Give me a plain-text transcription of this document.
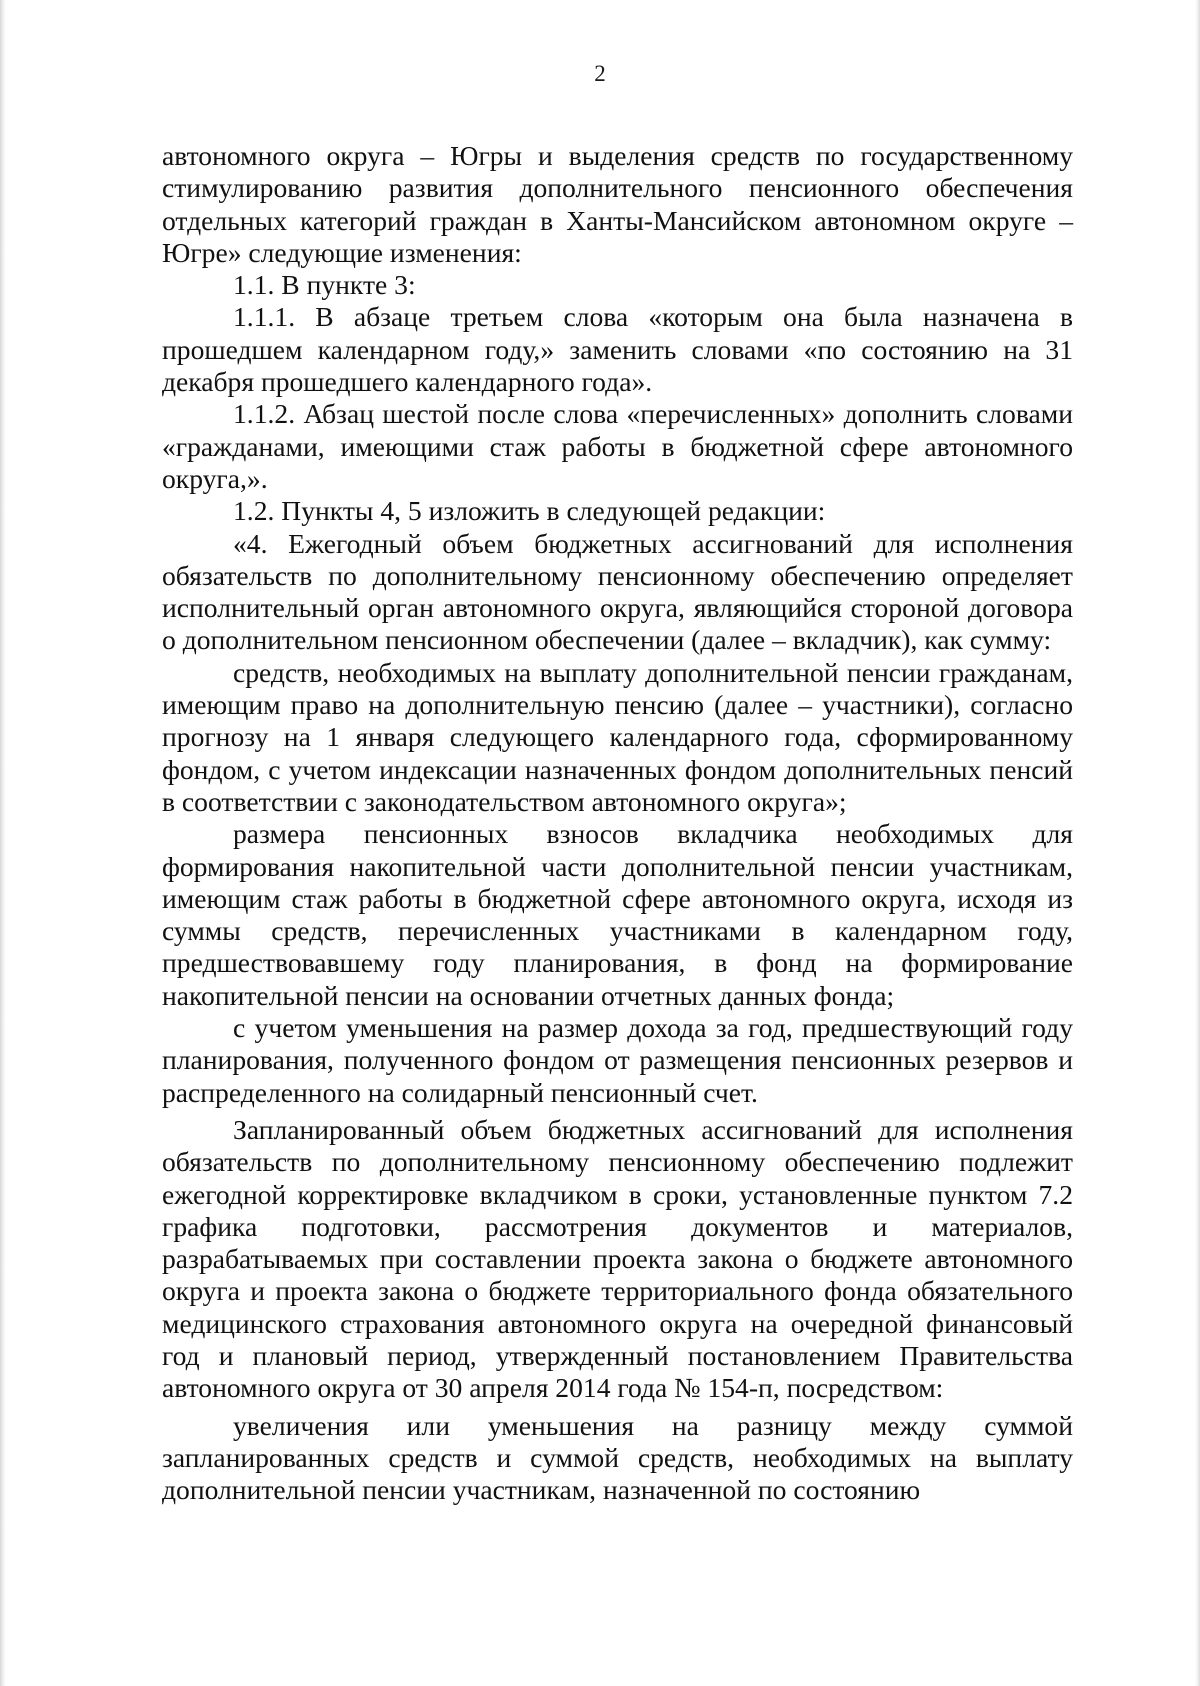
2

автономного округа – Югры и выделения средств по государственному стимулированию развития дополнительного пенсионного обеспечения отдельных категорий граждан в Ханты-Мансийском автономном округе – Югре» следующие изменения:

1.1. В пункте 3:

1.1.1. В абзаце третьем слова «которым она была назначена в прошедшем календарном году,» заменить словами «по состоянию на 31 декабря прошедшего календарного года».

1.1.2. Абзац шестой после слова «перечисленных» дополнить словами «гражданами, имеющими стаж работы в бюджетной сфере автономного округа,».

1.2. Пункты 4, 5 изложить в следующей редакции:

«4. Ежегодный объем бюджетных ассигнований для исполнения обязательств по дополнительному пенсионному обеспечению определяет исполнительный орган автономного округа, являющийся стороной договора о дополнительном пенсионном обеспечении (далее – вкладчик), как сумму:

средств, необходимых на выплату дополнительной пенсии гражданам, имеющим право на дополнительную пенсию (далее – участники), согласно прогнозу на 1 января следующего календарного года, сформированному фондом, с учетом индексации назначенных фондом дополнительных пенсий в соответствии с законодательством автономного округа»;

размера пенсионных взносов вкладчика необходимых для формирования накопительной части дополнительной пенсии участникам, имеющим стаж работы в бюджетной сфере автономного округа, исходя из суммы средств, перечисленных участниками в календарном году, предшествовавшему году планирования, в фонд на формирование накопительной пенсии на основании отчетных данных фонда;

с учетом уменьшения на размер дохода за год, предшествующий году планирования, полученного фондом от размещения пенсионных резервов и распределенного на солидарный пенсионный счет.

Запланированный объем бюджетных ассигнований для исполнения обязательств по дополнительному пенсионному обеспечению подлежит ежегодной корректировке вкладчиком в сроки, установленные пунктом 7.2 графика подготовки, рассмотрения документов и материалов, разрабатываемых при составлении проекта закона о бюджете автономного округа и проекта закона о бюджете территориального фонда обязательного медицинского страхования автономного округа на очередной финансовый год и плановый период, утвержденный постановлением Правительства автономного округа от 30 апреля 2014 года № 154-п, посредством:

увеличения или уменьшения на разницу между суммой запланированных средств и суммой средств, необходимых на выплату дополнительной пенсии участникам, назначенной по состоянию
